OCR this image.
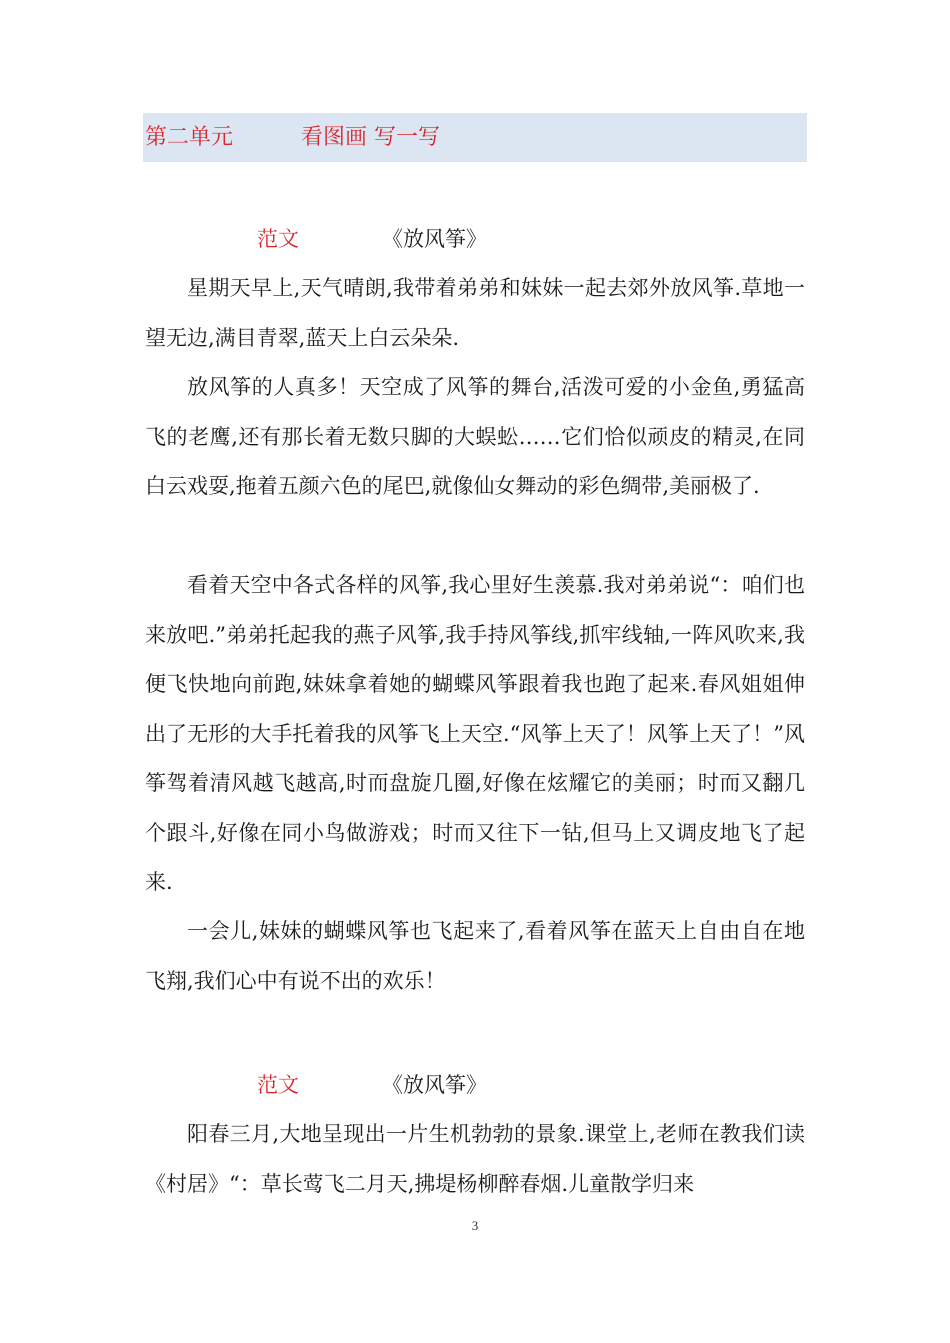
第二单元	看图画 写一写
范文	《放风筝》

星期天早上,天气晴朗,我带着弟弟和妹妹一起去郊外放风筝.草地一望无边,满目青翠,蓝天上白云朵朵.

放风筝的人真多！天空成了风筝的舞台,活泼可爱的小金鱼,勇猛高飞的老鹰,还有那长着无数只脚的大蜈蚣……它们恰似顽皮的精灵,在同白云戏耍,拖着五颜六色的尾巴,就像仙女舞动的彩色绸带,美丽极了.

看着天空中各式各样的风筝,我心里好生羡慕.我对弟弟说“：咱们也来放吧.”弟弟托起我的燕子风筝,我手持风筝线,抓牢线轴,一阵风吹来,我便飞快地向前跑,妹妹拿着她的蝴蝶风筝跟着我也跑了起来.春风姐姐伸出了无形的大手托着我的风筝飞上天空.“风筝上天了！风筝上天了！”风筝驾着清风越飞越高,时而盘旋几圈,好像在炫耀它的美丽；时而又翻几个跟斗,好像在同小鸟做游戏；时而又往下一钻,但马上又调皮地飞了起来.

一会儿,妹妹的蝴蝶风筝也飞起来了,看着风筝在蓝天上自由自在地飞翔,我们心中有说不出的欢乐！

范文	《放风筝》

阳春三月,大地呈现出一片生机勃勃的景象.课堂上,老师在教我们读《村居》“：草长莺飞二月天,拂堤杨柳醉春烟.儿童散学归来

3
